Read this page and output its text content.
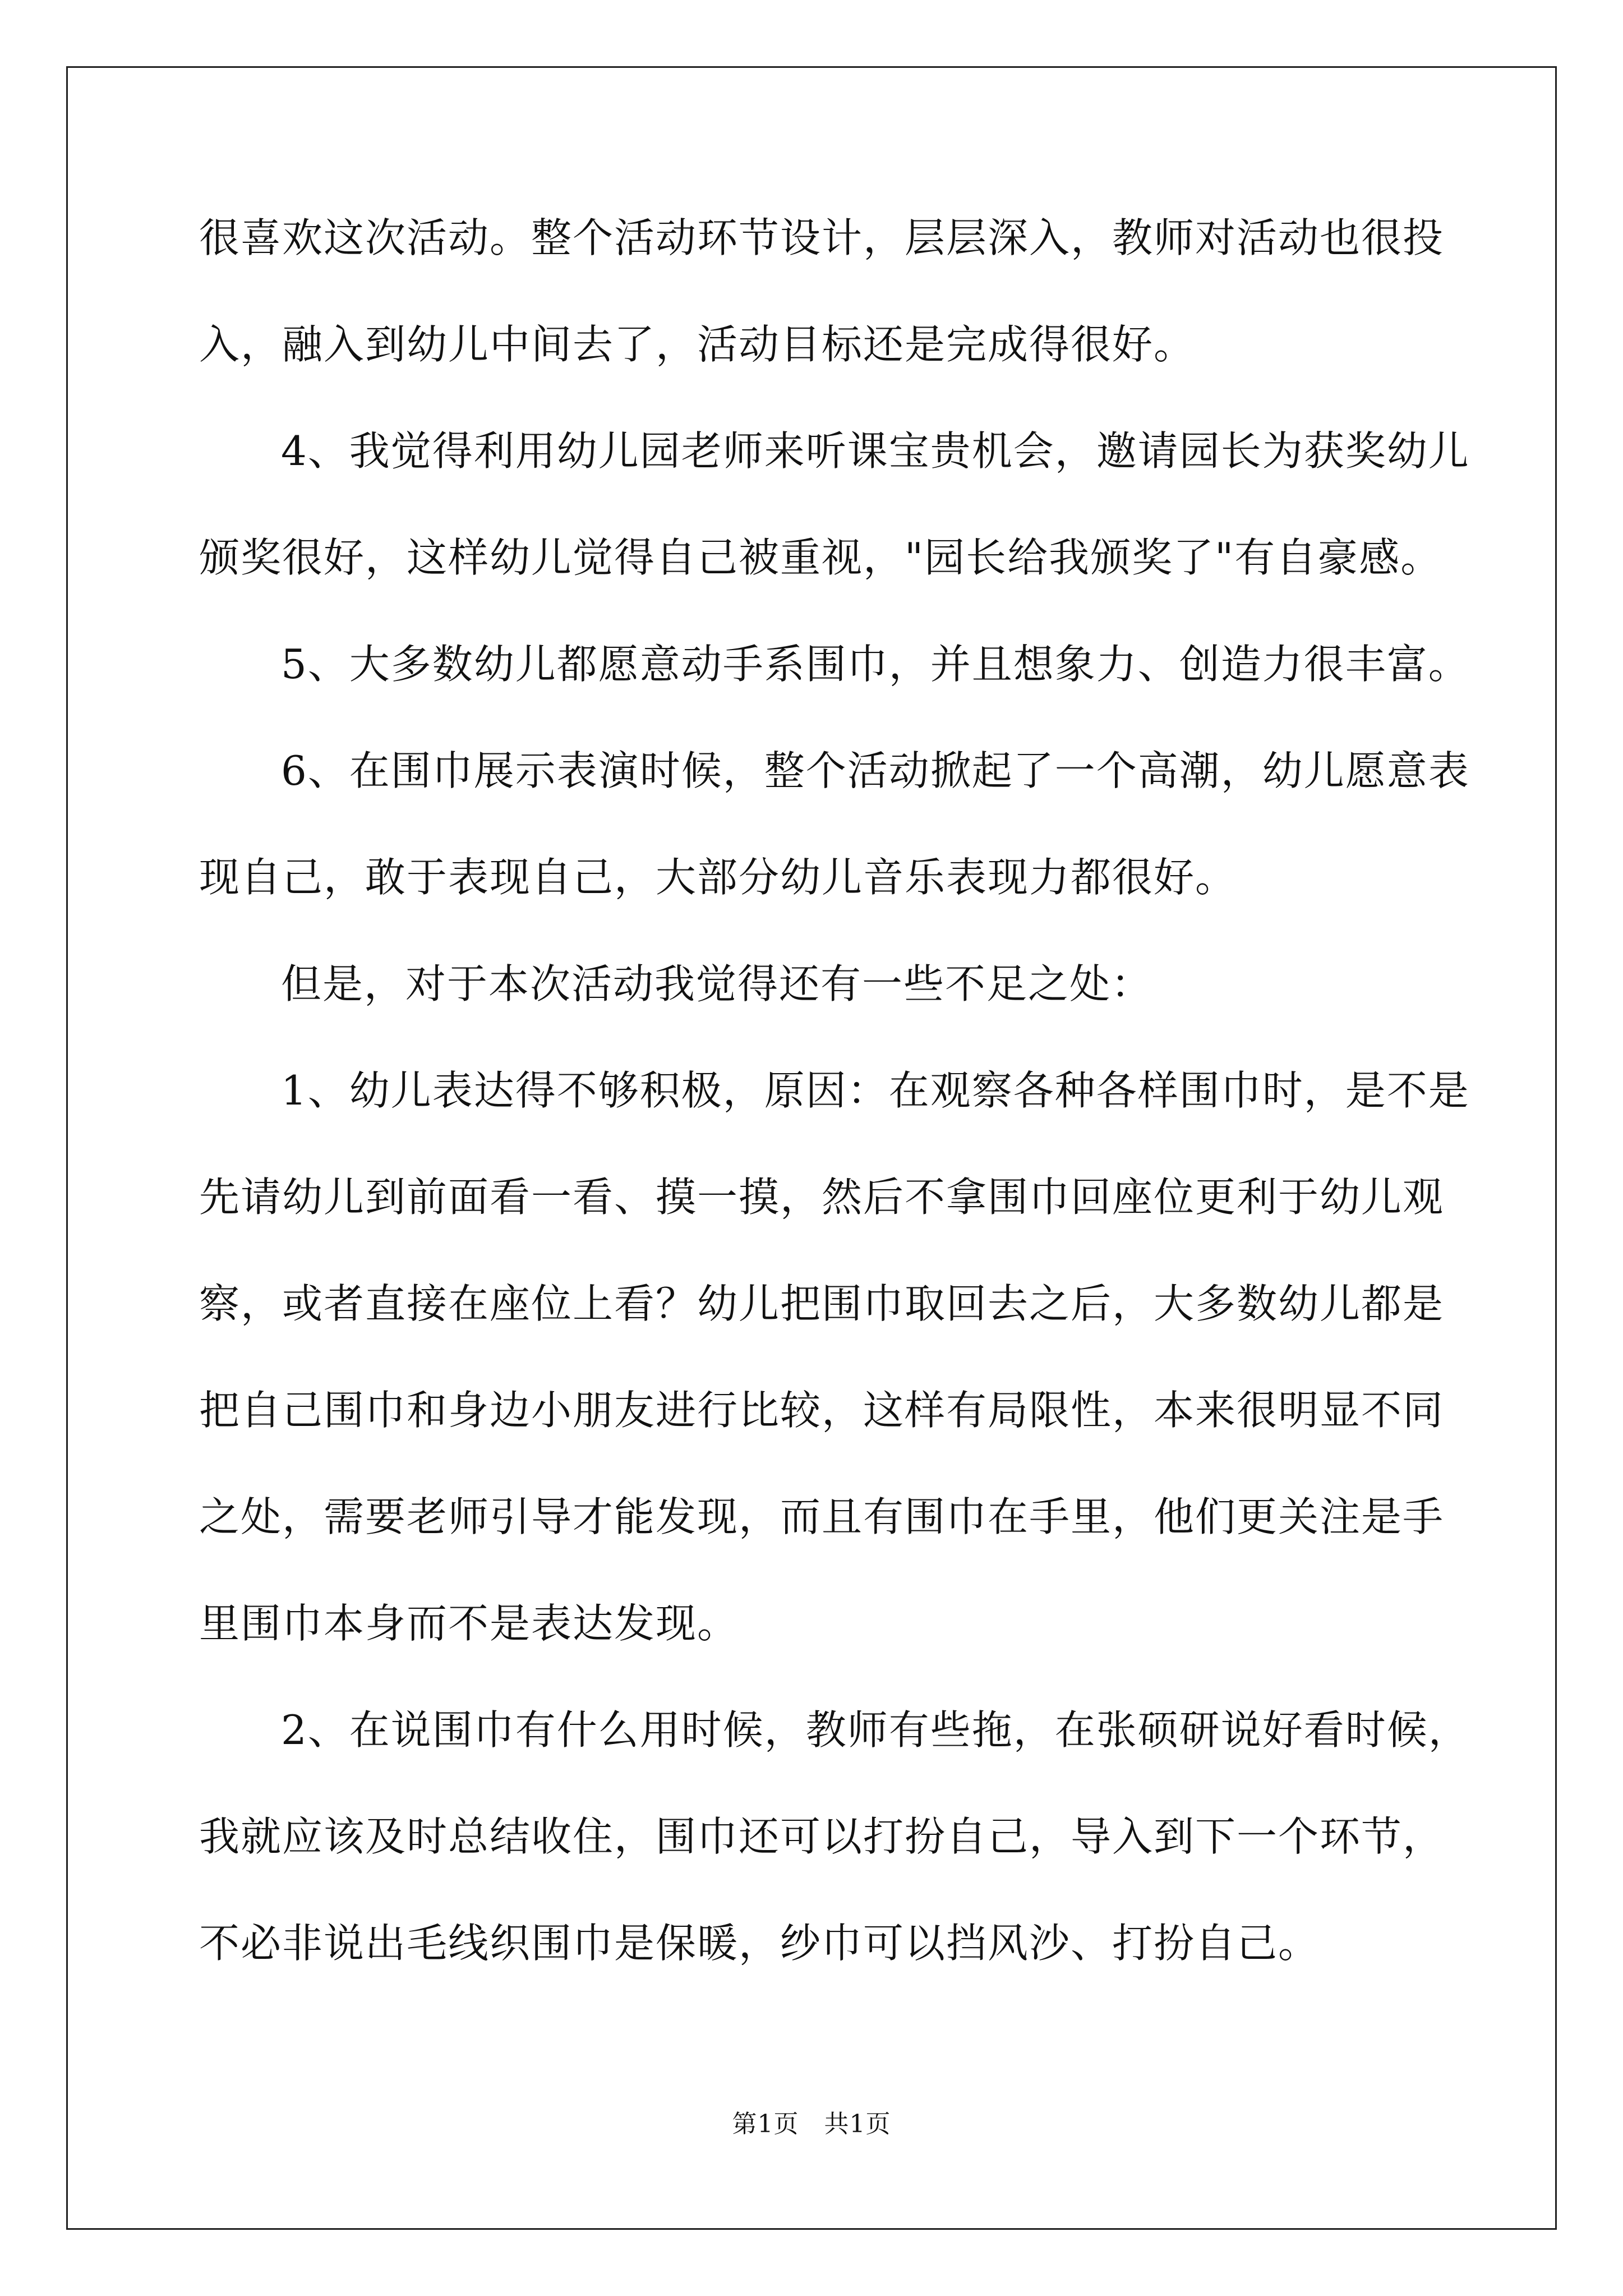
很喜欢这次活动。整个活动环节设计，层层深入，教师对活动也很投
入，融入到幼儿中间去了，活动目标还是完成得很好。
4、我觉得利用幼儿园老师来听课宝贵机会，邀请园长为获奖幼儿
颁奖很好，这样幼儿觉得自己被重视，"园长给我颁奖了"有自豪感。
5、大多数幼儿都愿意动手系围巾，并且想象力、创造力很丰富。
6、在围巾展示表演时候，整个活动掀起了一个高潮，幼儿愿意表
现自己，敢于表现自己，大部分幼儿音乐表现力都很好。
但是，对于本次活动我觉得还有一些不足之处：
1、幼儿表达得不够积极，原因：在观察各种各样围巾时，是不是
先请幼儿到前面看一看、摸一摸，然后不拿围巾回座位更利于幼儿观
察，或者直接在座位上看？幼儿把围巾取回去之后，大多数幼儿都是
把自己围巾和身边小朋友进行比较，这样有局限性，本来很明显不同
之处，需要老师引导才能发现，而且有围巾在手里，他们更关注是手
里围巾本身而不是表达发现。
2、在说围巾有什么用时候，教师有些拖，在张硕研说好看时候，
我就应该及时总结收住，围巾还可以打扮自己，导入到下一个环节，
不必非说出毛线织围巾是保暖，纱巾可以挡风沙、打扮自己。
第1页　共1页
